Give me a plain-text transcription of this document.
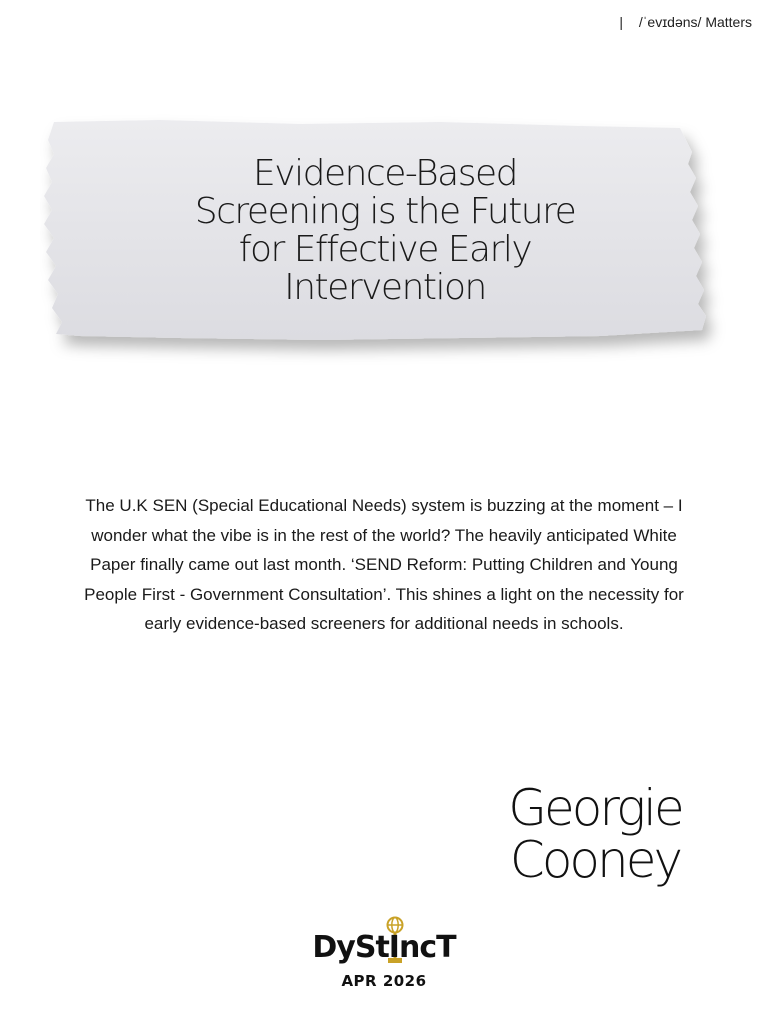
| /ˈevɪdəns/ Matters
Evidence-Based
Screening is the Future
for Effective Early
Intervention
The U.K SEN (Special Educational Needs) system is buzzing at the moment – I wonder what the vibe is in the rest of the world? The heavily anticipated White Paper finally came out last month. ‘SEND Reform: Putting Children and Young People First - Government Consultation’. This shines a light on the necessity for early evidence-based screeners for additional needs in schools.
Georgie
Cooney
DyStIncT
APR 2026
